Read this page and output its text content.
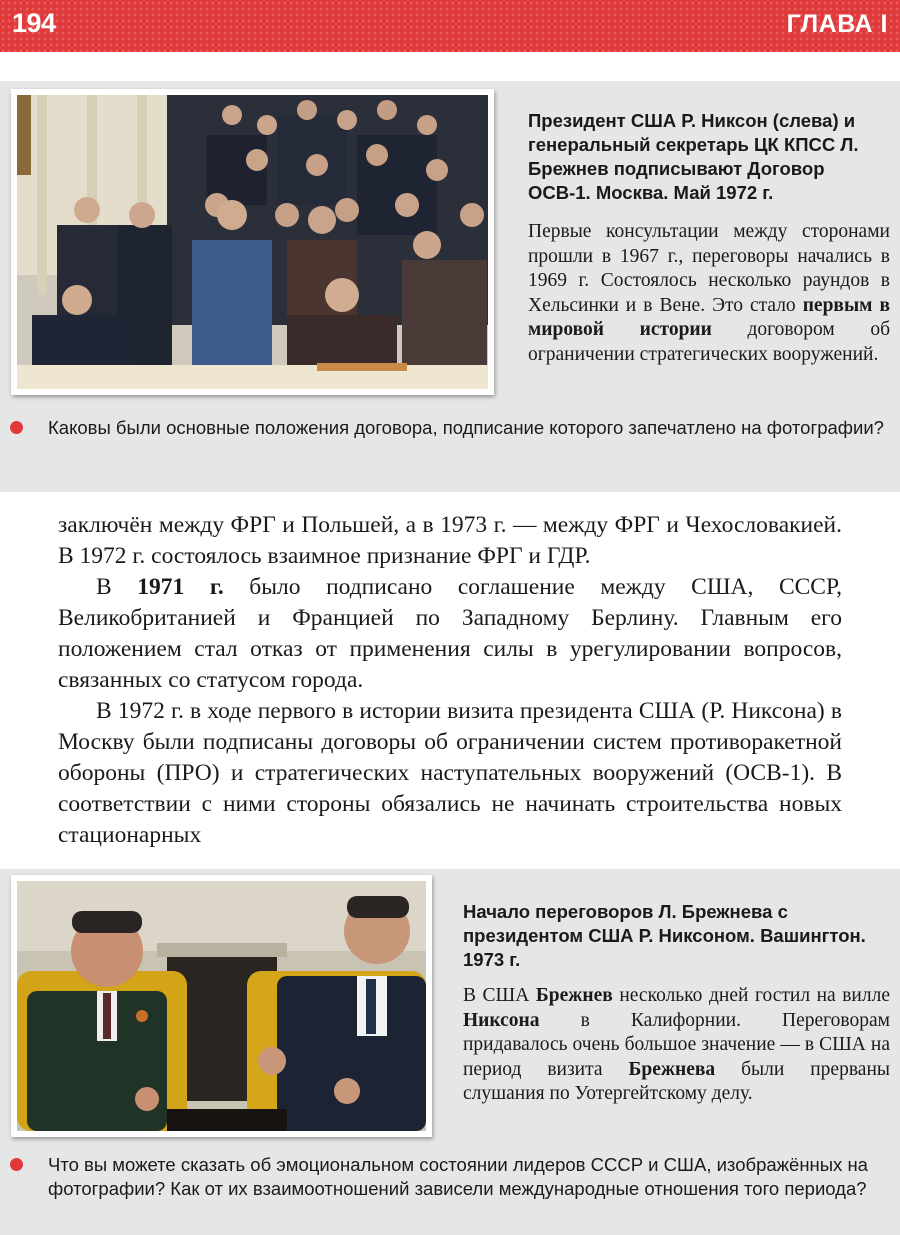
194	ГЛАВА I
Президент США Р. Никсон (слева) и генеральный секретарь ЦК КПСС Л. Брежнев подписывают Договор ОСВ-1. Москва. Май 1972 г.
Первые консультации между сторонами прошли в 1967 г., переговоры начались в 1969 г. Состоялось несколько раундов в Хельсинки и в Вене. Это стало первым в мировой истории договором об ограничении стратегических вооружений.
Каковы были основные положения договора, подписание которого запечатлено на фотографии?

заключён между ФРГ и Польшей, а в 1973 г. — между ФРГ и Чехословакией. В 1972 г. состоялось взаимное признание ФРГ и ГДР.

В 1971 г. было подписано соглашение между США, СССР, Великобританией и Францией по Западному Берлину. Главным его положением стал отказ от применения силы в урегулировании вопросов, связанных со статусом города.

В 1972 г. в ходе первого в истории визита президента США (Р. Никсона) в Москву были подписаны договоры об ограничении систем противоракетной обороны (ПРО) и стратегических наступательных вооружений (ОСВ-1). В соответствии с ними стороны обязались не начинать строительства новых стационарных

Начало переговоров Л. Брежнева с президентом США Р. Никсоном. Вашингтон. 1973 г.
В США Брежнев несколько дней гостил на вилле Никсона в Калифорнии. Переговорам придавалось очень большое значение — в США на период визита Брежнева были прерваны слушания по Уотергейтскому делу.
Что вы можете сказать об эмоциональном состоянии лидеров СССР и США, изображённых на фотографии? Как от их взаимоотношений зависели международные отношения того периода?
